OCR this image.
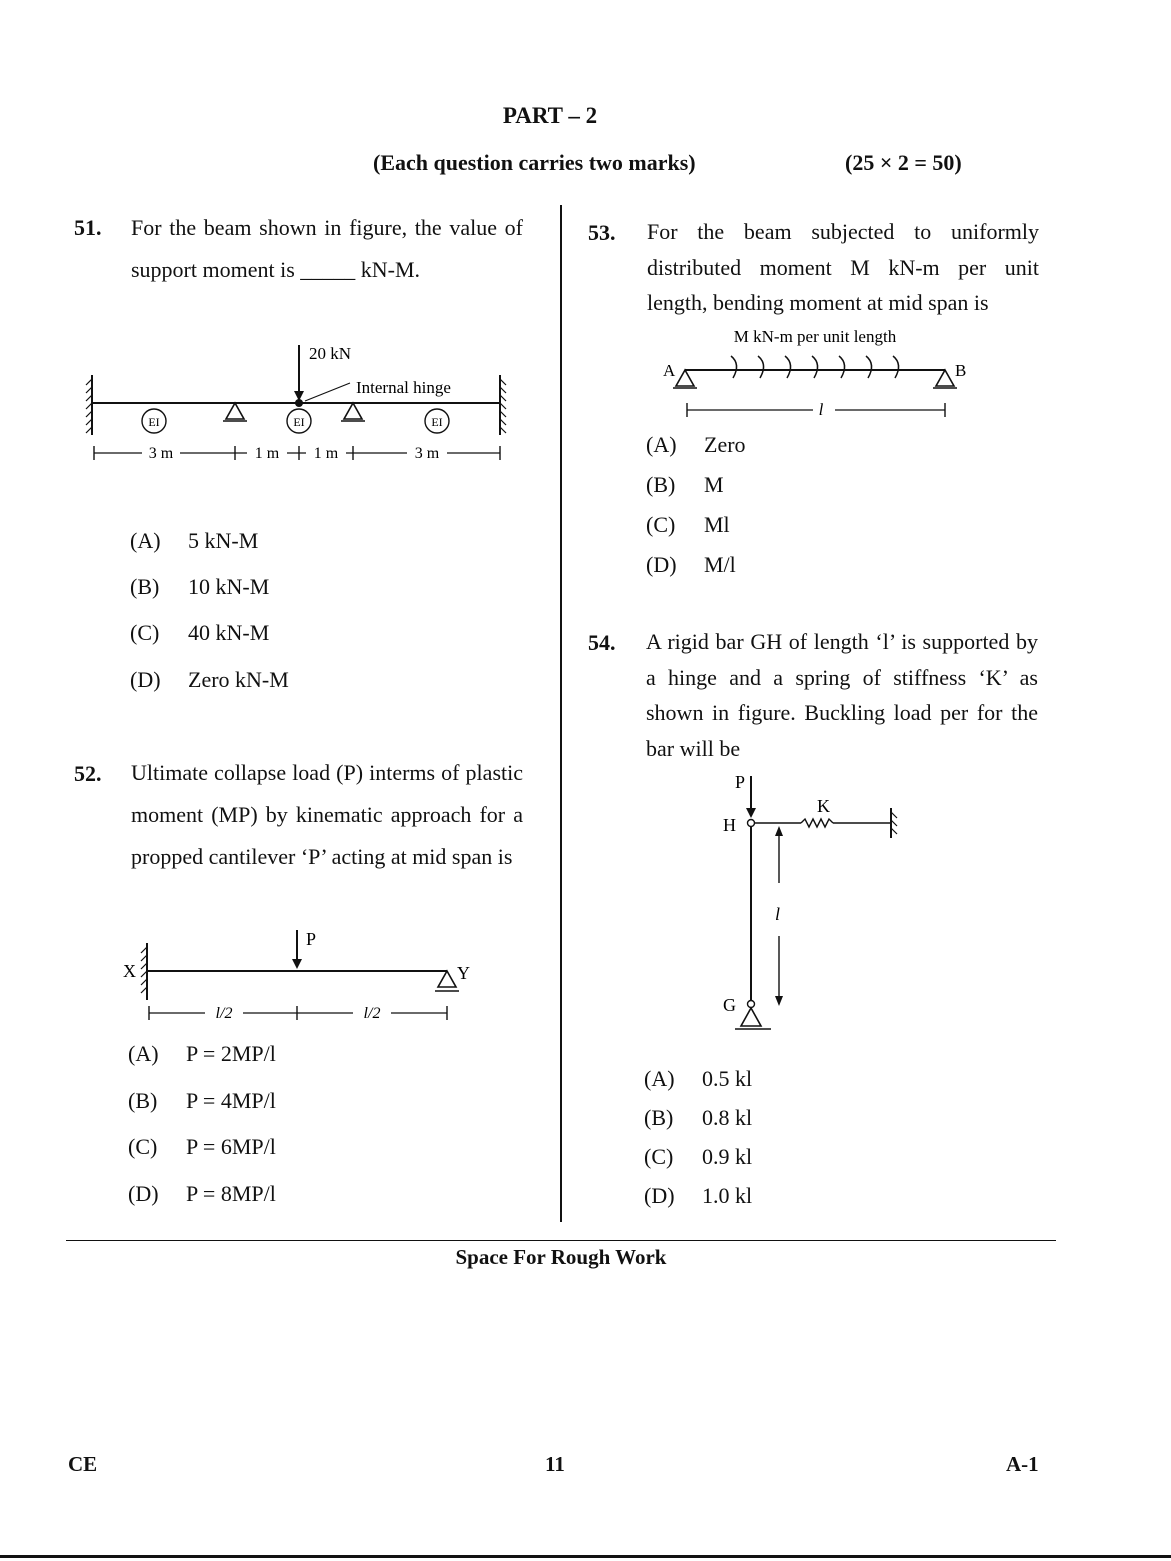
PART – 2
(Each question carries two marks)	(25 × 2 = 50)
51. For the beam shown in figure, the value of support moment is _____ kN-M.
20 kN
Internal hinge
EI	EI	EI
3 m	1 m 1 m	3 m
(A) 5 kN-M
(B) 10 kN-M
(C) 40 kN-M
(D) Zero kN-M
52. Ultimate collapse load (P) interms of plastic moment (MP) by kinematic approach for a propped cantilever ‘P’ acting at mid span is
X	Y
P
l/2	l/2
(A) P = 2MP/l
(B) P = 4MP/l
(C) P = 6MP/l
(D) P = 8MP/l
53. For the beam subjected to uniformly distributed moment M kN-m per unit length, bending moment at mid span is
M kN-m per unit length
A	B
l
(A) Zero
(B) M
(C) Ml
(D) M/l
54. A rigid bar GH of length ‘l’ is supported by a hinge and a spring of stiffness ‘K’ as shown in figure. Buckling load per for the bar will be
P
H
G
K
l
(A) 0.5 kl
(B) 0.8 kl
(C) 0.9 kl
(D) 1.0 kl
Space For Rough Work
CE	11	A-1
